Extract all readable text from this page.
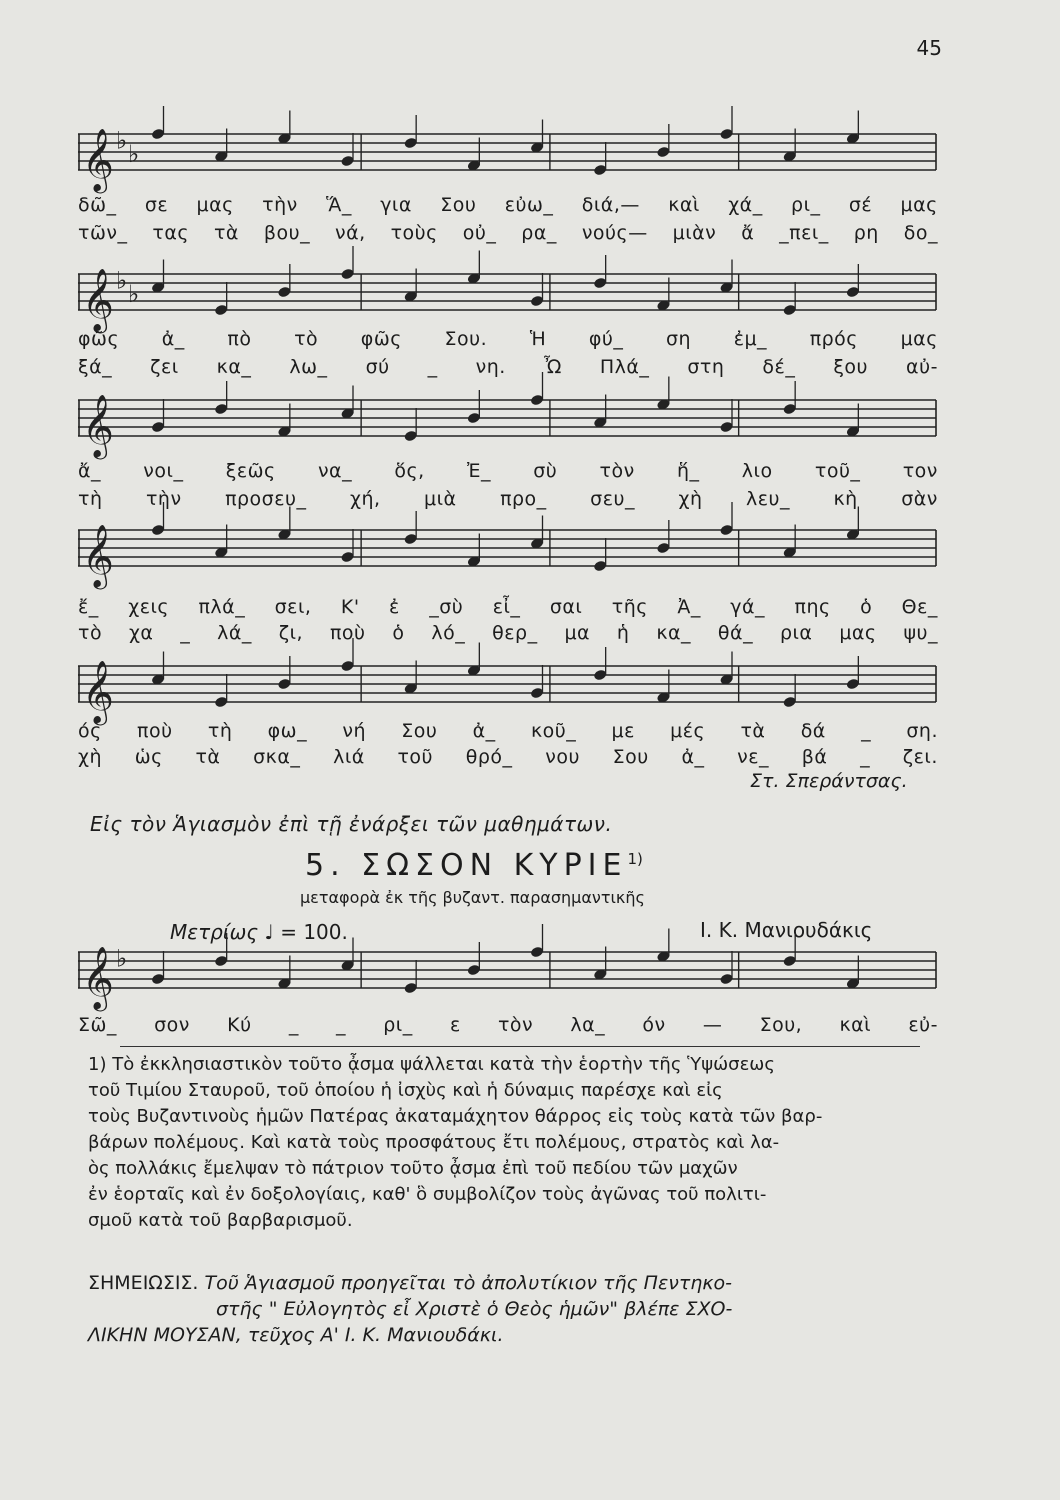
45
𝄞 ♭ ♭
δῶ_ σε μας τὴν Ἅ_ για Σου εὐω_ διά,— καὶ χά_ ρι_ σέ μας
τῶν_ τας τὰ βου_ νά, τοὺς οὐ_ ρα_ νούς— μιὰν ἄ _πει_ ρη δο_
𝄞 ♭ ♭
φῶς ἀ_ πὸ τὸ φῶς Σου. Ἡ φύ_ ση ἐμ_ πρός μας
ξά_ ζει κα_ λω_ σύ _ νη. Ὦ Πλά_ στη δέ_ ξου αὐ-
𝄞
ἄ_ νοι_ ξεῶς να_ ὅς, Ἐ_ σὺ τὸν ἥ_ λιο τοῦ_ τον
τὴ τὴν προσευ_ χή, μιὰ προ_ σευ_ χὴ λευ_ κὴ σὰν
𝄞
ἔ_ χεις πλά_ σει, Κ' ἐ _σὺ εἶ_ σαι τῆς Ἀ_ γά_ πης ὁ Θε_
τὸ χα _ λά_ ζι, ποὺ ὁ λό_ θερ_ μα ἡ κα_ θά_ ρια μας ψυ_
𝄞
ός ποὺ τὴ φω_ νή Σου ἀ_ κοῦ_ με μές τὰ δά _ ση.
χὴ ὡς τὰ σκα_ λιά τοῦ θρό_ νου Σου ἀ_ νε_ βά _ ζει.
Στ. Σπεράντσας.
Εἰς τὸν Ἁγιασμὸν ἐπὶ τῇ ἐνάρξει τῶν μαθημάτων.
5. ΣΩΣΟΝ ΚΥΡΙΕ$^{1)}$
μεταφορὰ ἐκ τῆς βυζαντ. παρασημαντικῆς
Μετρίως ♩ = 100.	Ι. Κ. Μανιουδάκις
𝄞 ♭
Σῶ_ σον Κύ _ _ ρι_ ε τὸν λα_ όν — Σου, καὶ εὐ-

1) Τὸ ἐκκλησιαστικὸν τοῦτο ᾆσμα ψάλλεται κατὰ τὴν ἑορτὴν τῆς Ὑψώσεως

τοῦ Τιμίου Σταυροῦ, τοῦ ὁποίου ἡ ἰσχὺς καὶ ἡ δύναμις παρέσχε καὶ εἰς

τοὺς Βυζαντινοὺς ἡμῶν Πατέρας ἀκαταμάχητον θάρρος εἰς τοὺς κατὰ τῶν βαρ-

βάρων πολέμους. Καὶ κατὰ τοὺς προσφάτους ἔτι πολέμους, στρατὸς καὶ λα-

ὸς πολλάκις ἔμελψαν τὸ πάτριον τοῦτο ᾆσμα ἐπὶ τοῦ πεδίου τῶν μαχῶν

ἐν ἑορταῖς καὶ ἐν δοξολογίαις, καθ' ὃ συμβολίζον τοὺς ἀγῶνας τοῦ πολιτι-

σμοῦ κατὰ τοῦ βαρβαρισμοῦ.

ΣΗΜΕΙΩΣΙΣ. Τοῦ Ἁγιασμοῦ προηγεῖται τὸ ἀπολυτίκιον τῆς Πεντηκο-

στῆς " Εὐλογητὸς εἶ Χριστὲ ὁ Θεὸς ἡμῶν" βλέπε ΣΧΟ-

ΛΙΚΗΝ ΜΟΥΣΑΝ, τεῦχος Α' Ι. Κ. Μανιουδάκι.
